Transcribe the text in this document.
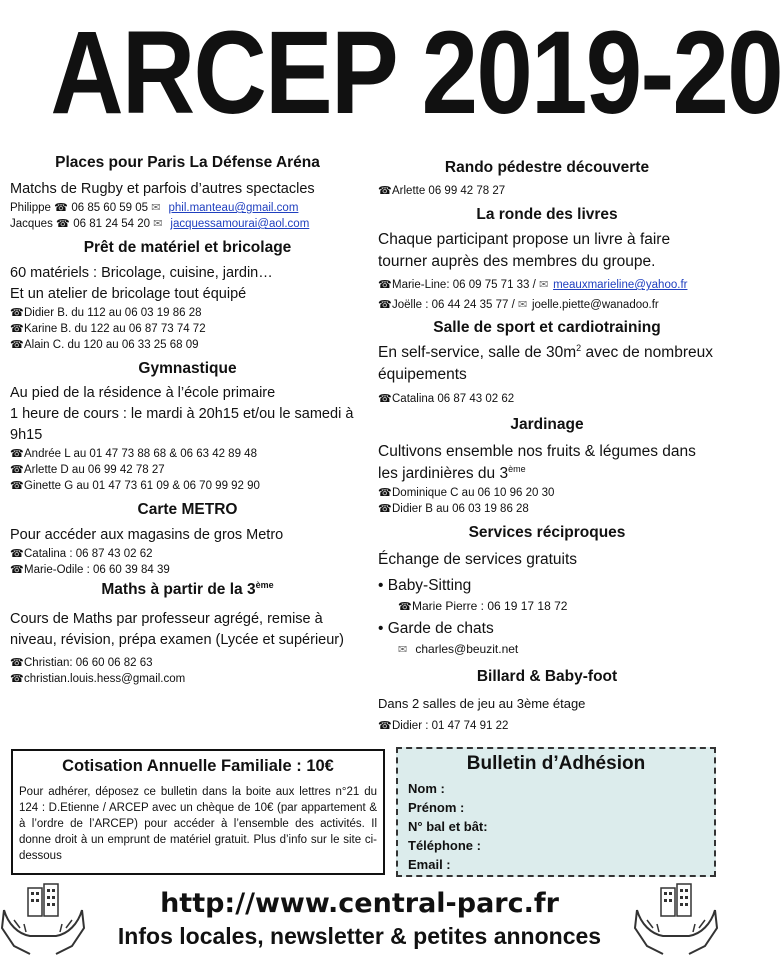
ARCEP 2019-20

Places pour Paris La Défense Aréna

Matchs de Rugby et parfois d’autres spectacles

Philippe ☎ 06 85 60 59 05 ✉ phil.manteau@gmail.com

Jacques ☎ 06 81 24 54 20 ✉ jacquessamourai@aol.com

Prêt de matériel et bricolage

60 matériels : Bricolage, cuisine, jardin…

Et un atelier de bricolage tout équipé

☎Didier B. du 112 au 06 03 19 86 28

☎Karine B. du 122 au 06 87 73 74 72

☎Alain C. du 120 au 06 33 25 68 09

Gymnastique

Au pied de la résidence à l’école primaire

1 heure de cours : le mardi à 20h15 et/ou le samedi à 9h15

☎Andrée L au 01 47 73 88 68 & 06 63 42 89 48

☎Arlette D au 06 99 42 78 27

☎Ginette G au 01 47 73 61 09 & 06 70 99 92 90

Carte METRO

Pour accéder aux magasins de gros Metro

☎Catalina : 06 87 43 02 62

☎Marie-Odile : 06 60 39 84 39

Maths à partir de la 3ème

Cours de Maths par professeur agrégé, remise à niveau, révision, prépa examen (Lycée et supérieur)

☎Christian: 06 60 06 82 63

☎christian.louis.hess@gmail.com

Rando pédestre découverte

☎Arlette 06 99 42 78 27

La ronde des livres

Chaque participant propose un livre à faire tourner auprès des membres du groupe.

☎Marie-Line: 06 09 75 71 33 / ✉ meauxmarieline@yahoo.fr

☎Joëlle : 06 44 24 35 77 / ✉ joelle.piette@wanadoo.fr

Salle de sport et cardiotraining

En self-service, salle de $30m^2$ avec de nombreux équipements

☎Catalina 06 87 43 02 62

Jardinage

Cultivons ensemble nos fruits & légumes dans les jardinières du 3ème

☎Dominique C au 06 10 96 20 30

☎Didier B au 06 03 19 86 28

Services réciproques

Échange de services gratuits

• Baby-Sitting

☎Marie Pierre : 06 19 17 18 72

• Garde de chats

✉ charles@beuzit.net

Billard & Baby-foot

Dans 2 salles de jeu au 3ème étage

☎Didier : 01 47 74 91 22

Cotisation Annuelle Familiale : 10€

Pour adhérer, déposez ce bulletin dans la boite aux lettres n°21 du 124 : D.Etienne / ARCEP avec un chèque de 10€ (par appartement & à l’ordre de l’ARCEP) pour accéder à l’ensemble des activités. Il donne droit à un emprunt de matériel gratuit. Plus d’info sur le site ci-dessous

Bulletin d’Adhésion

Nom :

Prénom :

N° bal et bât:

Téléphone :

Email :

http://www.central-parc.fr
Infos locales, newsletter & petites annonces
